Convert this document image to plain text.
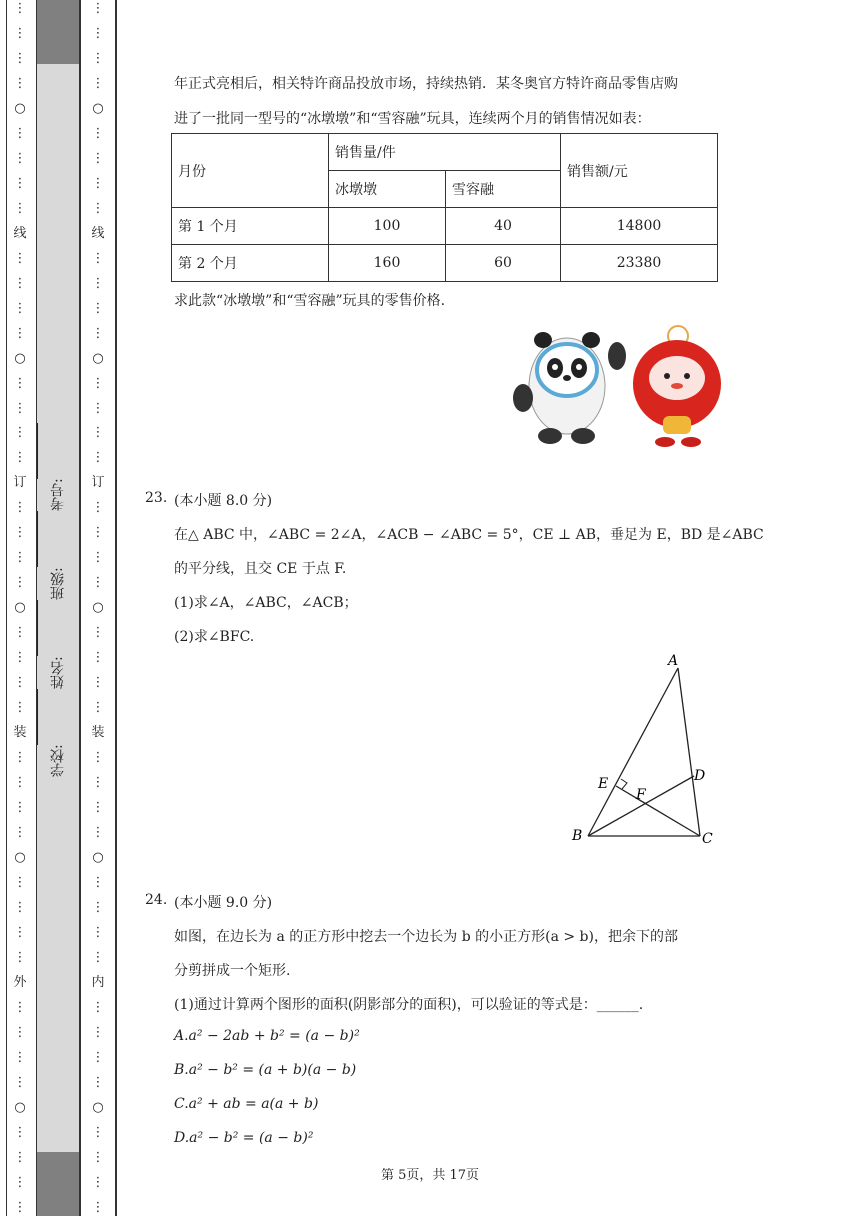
⋮
⋮
⋮
⋮
○
⋮
⋮
⋮
⋮
线
⋮
⋮
⋮
⋮
○
⋮
⋮
⋮
⋮
订
⋮
⋮
⋮
⋮
○
⋮
⋮
⋮
⋮
装
⋮
⋮
⋮
⋮
○
⋮
⋮
⋮
⋮
外
⋮
⋮
⋮
⋮
○
⋮
⋮
⋮
⋮
⋮
⋮
⋮
⋮
○
⋮
⋮
⋮
⋮
线
⋮
⋮
⋮
⋮
○
⋮
⋮
⋮
⋮
订
⋮
⋮
⋮
⋮
○
⋮
⋮
⋮
⋮
装
⋮
⋮
⋮
⋮
○
⋮
⋮
⋮
⋮
内
⋮
⋮
⋮
⋮
○
⋮
⋮
⋮
⋮
学校:
姓名:
班级:
考号:
年正式亮相后，相关特许商品投放市场，持续热销．某冬奥官方特许商品零售店购
进了一批同一型号的“冰墩墩”和“雪容融”玩具，连续两个月的销售情况如表：
月份	销售量/件		销售额/元
	冰墩墩	雪容融	
第 1 个月	100	40	14800
第 2 个月	160	60	23380
求此款“冰墩墩”和“雪容融”玩具的零售价格.
23. (本小题 8.0 分)
在△ ABC 中，∠ABC = 2∠A，∠ACB − ∠ABC = 5°，CE ⊥ AB，垂足为 E，BD 是∠ABC
的平分线，且交 CE 于点 F.
(1)求∠A，∠ABC，∠ACB；
(2)求∠BFC.
A
B	C
D
E
F
24. (本小题 9.0 分)
如图，在边长为 a 的正方形中挖去一个边长为 b 的小正方形(a > b)，把余下的部
分剪拼成一个矩形.
(1)通过计算两个图形的面积(阴影部分的面积)，可以验证的等式是：______.
A.a² − 2ab + b² = (a − b)²
B.a² − b² = (a + b)(a − b)
C.a² + ab = a(a + b)
D.a² − b² = (a − b)²
第 5页，共 17页
